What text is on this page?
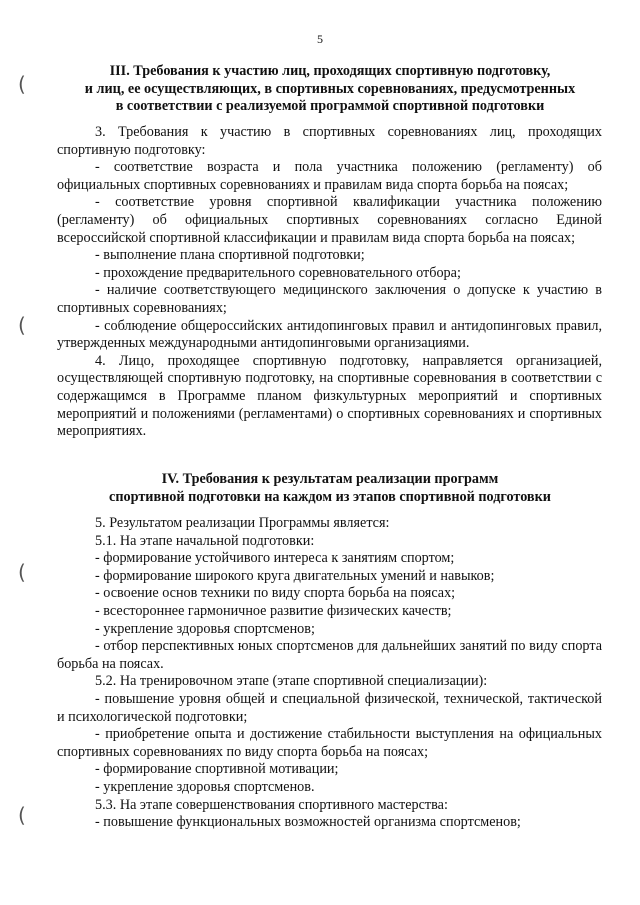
5
(
(
(
(
III. Требования к участию лиц, проходящих спортивную подготовку,
и лиц, ее осуществляющих, в спортивных соревнованиях, предусмотренных
в соответствии с реализуемой программой спортивной подготовки

3. Требования к участию в спортивных соревнованиях лиц, проходящих спортивную подготовку:

- соответствие возраста и пола участника положению (регламенту) об официальных спортивных соревнованиях и правилам вида спорта борьба на поясах;

- соответствие уровня спортивной квалификации участника положению (регламенту) об официальных спортивных соревнованиях согласно Единой всероссийской спортивной классификации и правилам вида спорта борьба на поясах;

- выполнение плана спортивной подготовки;

- прохождение предварительного соревновательного отбора;

- наличие соответствующего медицинского заключения о допуске к участию в спортивных соревнованиях;

- соблюдение общероссийских антидопинговых правил и антидопинговых правил, утвержденных международными антидопинговыми организациями.

4. Лицо, проходящее спортивную подготовку, направляется организацией, осуществляющей спортивную подготовку, на спортивные соревнования в соответствии с содержащимся в Программе планом физкультурных мероприятий и спортивных мероприятий и положениями (регламентами) о спортивных соревнованиях и спортивных мероприятиях.

IV. Требования к результатам реализации программ
спортивной подготовки на каждом из этапов спортивной подготовки

5. Результатом реализации Программы является:

5.1. На этапе начальной подготовки:

- формирование устойчивого интереса к занятиям спортом;

- формирование широкого круга двигательных умений и навыков;

- освоение основ техники по виду спорта борьба на поясах;

- всестороннее гармоничное развитие физических качеств;

- укрепление здоровья спортсменов;

- отбор перспективных юных спортсменов для дальнейших занятий по виду спорта борьба на поясах.

5.2. На тренировочном этапе (этапе спортивной специализации):

- повышение уровня общей и специальной физической, технической, тактической и психологической подготовки;

- приобретение опыта и достижение стабильности выступления на официальных спортивных соревнованиях по виду спорта борьба на поясах;

- формирование спортивной мотивации;

- укрепление здоровья спортсменов.

5.3. На этапе совершенствования спортивного мастерства:

- повышение функциональных возможностей организма спортсменов;
